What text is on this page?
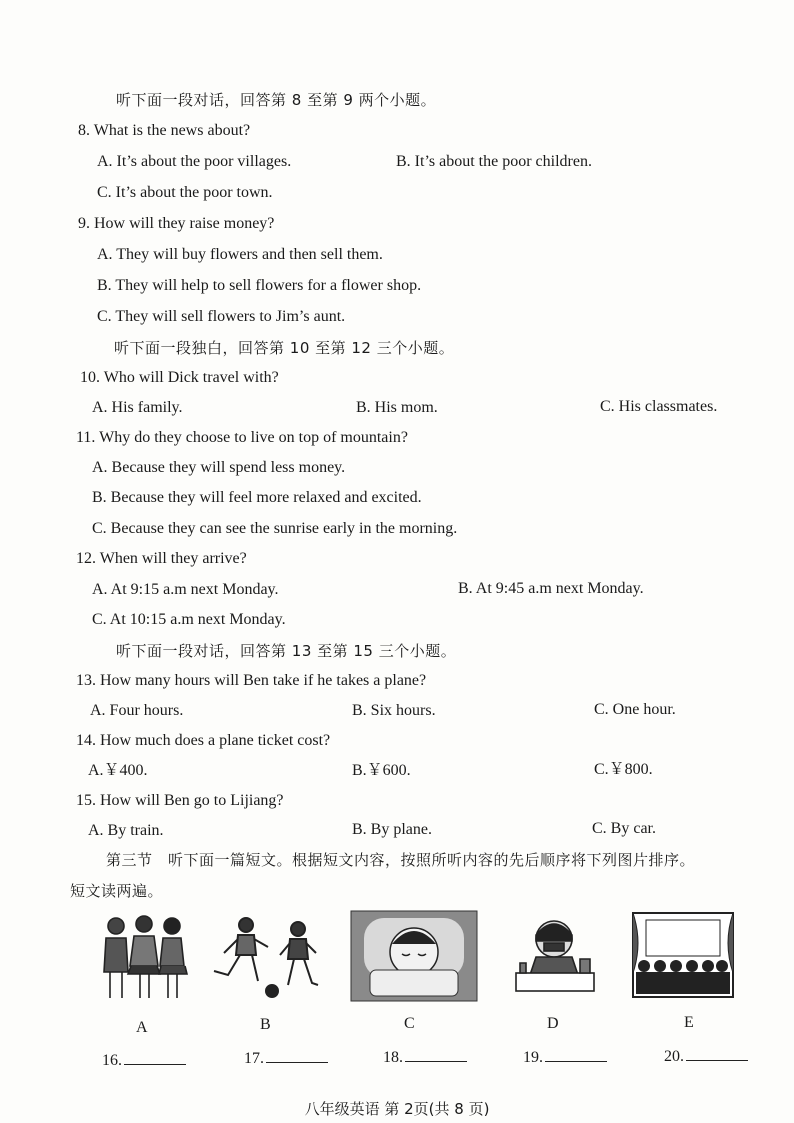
听下面一段对话，回答第 8 至第 9 两个小题。
8. What is the news about?
A. It’s about the poor villages.	B. It’s about the poor children.
C. It’s about the poor town.
9. How will they raise money?
A. They will buy flowers and then sell them.
B. They will help to sell flowers for a flower shop.
C. They will sell flowers to Jim’s aunt.
听下面一段独白，回答第 10 至第 12 三个小题。
10. Who will Dick travel with?
A. His family.	B. His mom.	C. His classmates.
11. Why do they choose to live on top of mountain?
A. Because they will spend less money.
B. Because they will feel more relaxed and excited.
C. Because they can see the sunrise early in the morning.
12. When will they arrive?
A. At 9:15 a.m next Monday.	B. At 9:45 a.m next Monday.
C. At 10:15 a.m next Monday.
听下面一段对话，回答第 13 至第 15 三个小题。
13. How many hours will Ben take if he takes a plane?
A. Four hours.	B. Six hours.	C. One hour.
14. How much does a plane ticket cost?
A.￥400.	B.￥600.	C.￥800.
15. How will Ben go to Lijiang?
A. By train.	B. By plane.	C. By car.
第三节　听下面一篇短文。根据短文内容，按照所听内容的先后顺序将下列图片排序。
短文读两遍。
A	B	C	D	E
16.	17.	18.	19.	20.
八年级英语 第 2页(共 8 页)
